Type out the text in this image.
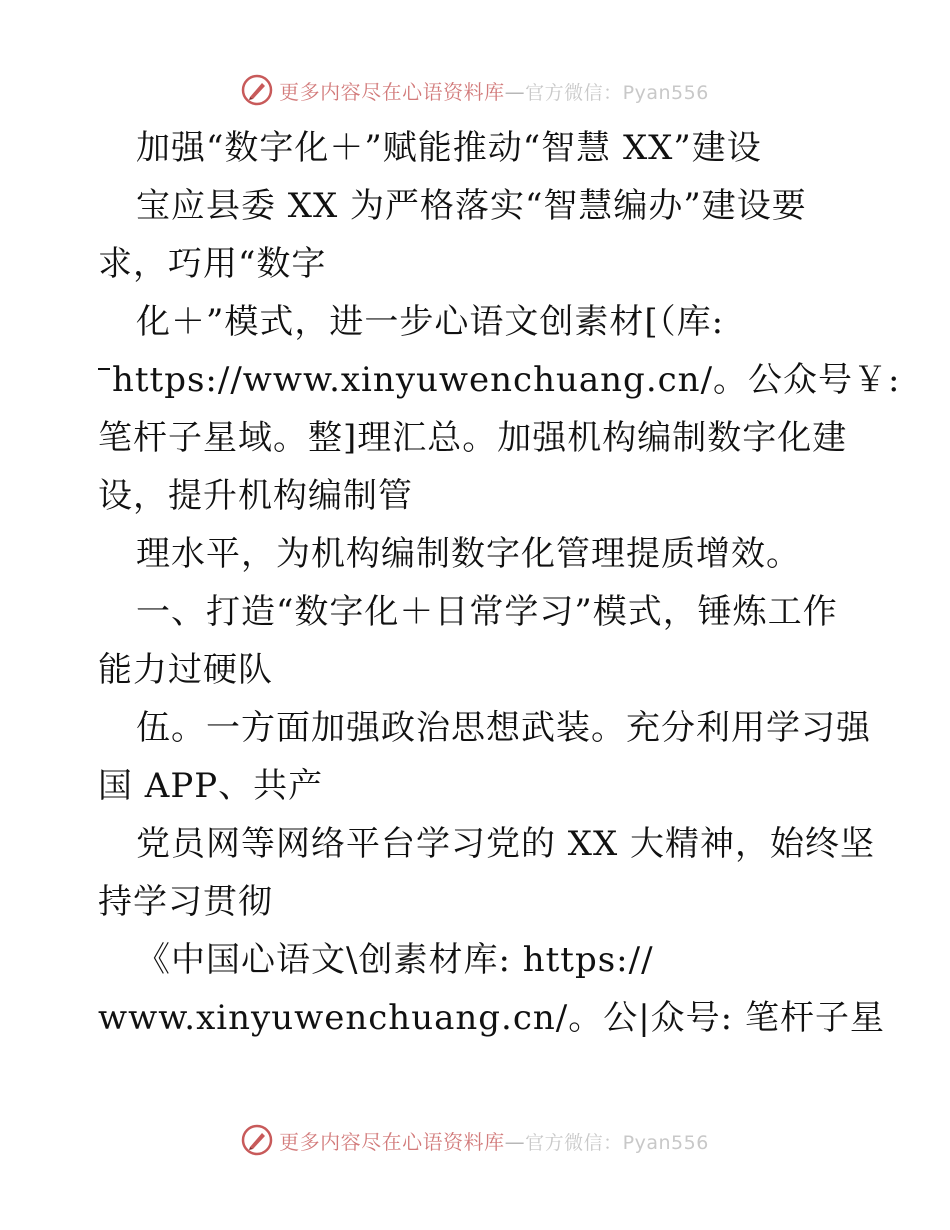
更多内容尽在心语资料库—官方微信：Pyan556
加强“数字化＋”赋能推动“智慧 XX”建设
宝应县委 XX 为严格落实“智慧编办”建设要
求，巧用“数字
化＋”模式，进一步心语文创素材[（库:
https://www.xinyuwenchuang.cn/。公众号￥:
笔杆子星域。整]理汇总。加强机构编制数字化建
设，提升机构编制管
理水平，为机构编制数字化管理提质增效。
一、打造“数字化＋日常学习”模式，锤炼工作
能力过硬队
伍。一方面加强政治思想武装。充分利用学习强
国 APP、共产
党员网等网络平台学习党的 XX 大精神，始终坚
持学习贯彻
《中国心语文\创素材库: https://
www.xinyuwenchuang.cn/。公|众号: 笔杆子星
更多内容尽在心语资料库—官方微信：Pyan556
